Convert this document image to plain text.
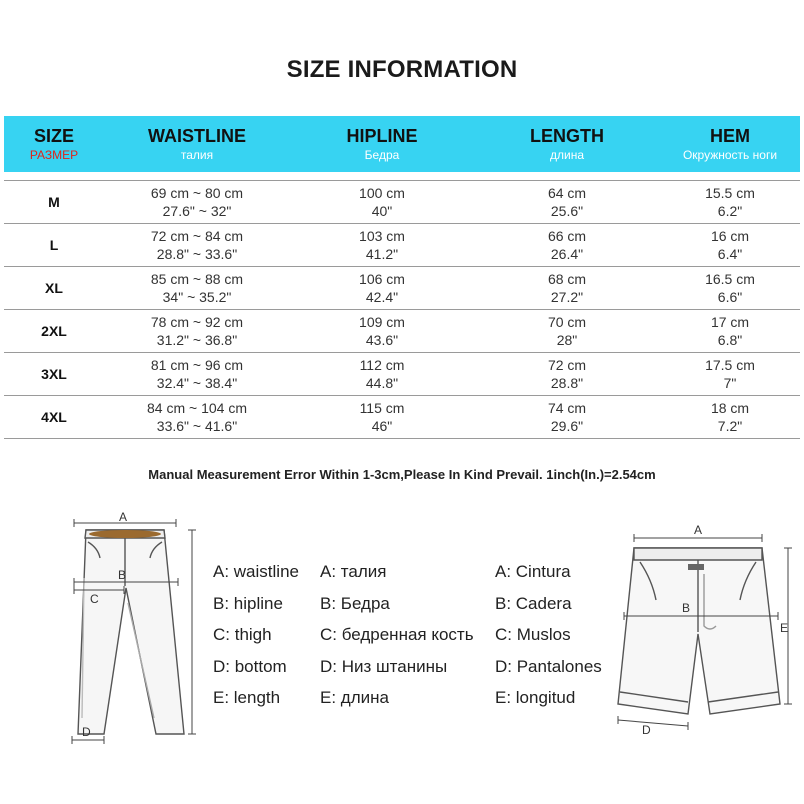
SIZE INFORMATION
SIZE
РАЗМЕР
WAISTLINE
талия
HIPLINE
Бедра
LENGTH
длина
HEM
Окружность ноги
M
69 cm ~ 80 cm
27.6" ~ 32"
100 cm
40"
64 cm
25.6"
15.5 cm
6.2"
L
72 cm ~ 84 cm
28.8" ~ 33.6"
103 cm
41.2"
66 cm
26.4"
16 cm
6.4"
XL
85 cm ~ 88 cm
34" ~ 35.2"
106 cm
42.4"
68 cm
27.2"
16.5 cm
6.6"
2XL
78 cm ~ 92 cm
31.2" ~ 36.8"
109 cm
43.6"
70 cm
28"
17 cm
6.8"
3XL
81 cm ~ 96 cm
32.4" ~ 38.4"
112 cm
44.8"
72 cm
28.8"
17.5 cm
7"
4XL
84 cm ~ 104 cm
33.6" ~ 41.6"
115 cm
46"
74 cm
29.6"
18 cm
7.2"
Manual Measurement Error Within 1-3cm,Please In Kind Prevail. 1inch(In.)=2.54cm
A
B
C
D
A: waistline
B: hipline
C: thigh
D: bottom
E: length
A: талия
B: Бедра
C: бедренная кость
D: Низ штанины
E: длина
A: Cintura
B: Cadera
C: Muslos
D: Pantalones
E: longitud
A
B
D
E
